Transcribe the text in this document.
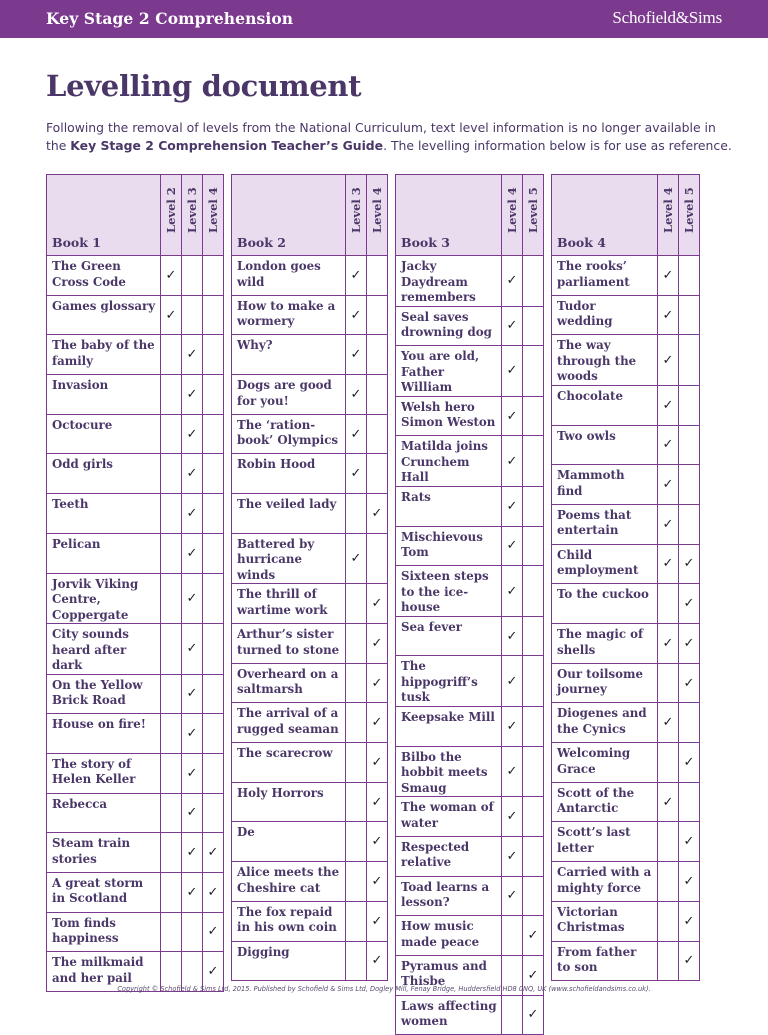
Key Stage 2 Comprehension	Schofield&Sims
Levelling document

Following the removal of levels from the National Curriculum, text level information is no longer available in the Key Stage 2 Comprehension Teacher’s Guide. The levelling information below is for use as reference.

Book 1	Level 2	Level 3	Level 4

The Green Cross Code	✓		
Games glossary	✓		
The baby of the family		✓	
Invasion		✓	
Octocure		✓	
Odd girls		✓	
Teeth		✓	
Pelican		✓	
Jorvik Viking Centre, Coppergate		✓	
City sounds heard after dark		✓	
On the Yellow Brick Road		✓	
House on fire!		✓	
The story of Helen Keller		✓	
Rebecca		✓	
Steam train stories		✓	✓
A great storm in Scotland		✓	✓
Tom finds happiness			✓
The milkmaid and her pail			✓
Book 2	Level 3	Level 4

London goes wild	✓	
How to make a wormery	✓	
Why?	✓	
Dogs are good for you!	✓	
The ‘ration-book’ Olympics	✓	
Robin Hood	✓	
The veiled lady		✓
Battered by hurricane winds	✓	
The thrill of wartime work		✓
Arthur’s sister turned to stone		✓
Overheard on a saltmarsh		✓
The arrival of a rugged seaman		✓
The scarecrow		✓
Holy Horrors		✓
De		✓
Alice meets the Cheshire cat		✓
The fox repaid in his own coin		✓
Digging		✓
Book 3	Level 4	Level 5

Jacky Daydream remembers	✓	
Seal saves drowning dog	✓	
You are old, Father William	✓	
Welsh hero Simon Weston	✓	
Matilda joins Crunchem Hall	✓	
Rats	✓	
Mischievous Tom	✓	
Sixteen steps to the ice-house	✓	
Sea fever	✓	
The hippogriff’s tusk	✓	
Keepsake Mill	✓	
Bilbo the hobbit meets Smaug	✓	
The woman of water	✓	
Respected relative	✓	
Toad learns a lesson?	✓	
How music made peace		✓
Pyramus and Thisbe		✓
Laws affecting women		✓
Book 4	Level 4	Level 5

The rooks’ parliament	✓	
Tudor wedding	✓	
The way through the woods	✓	
Chocolate	✓	
Two owls	✓	
Mammoth find	✓	
Poems that entertain	✓	
Child employment	✓	✓
To the cuckoo		✓
The magic of shells	✓	✓
Our toilsome journey		✓
Diogenes and the Cynics	✓	
Welcoming Grace		✓
Scott of the Antarctic	✓	
Scott’s last letter		✓
Carried with a mighty force		✓
Victorian Christmas		✓
From father to son		✓
Copyright © Schofield & Sims Ltd, 2015. Published by Schofield & Sims Ltd, Dogley Mill, Fenay Bridge, Huddersfield HD8 0NQ, UK (www.schofieldandsims.co.uk).
